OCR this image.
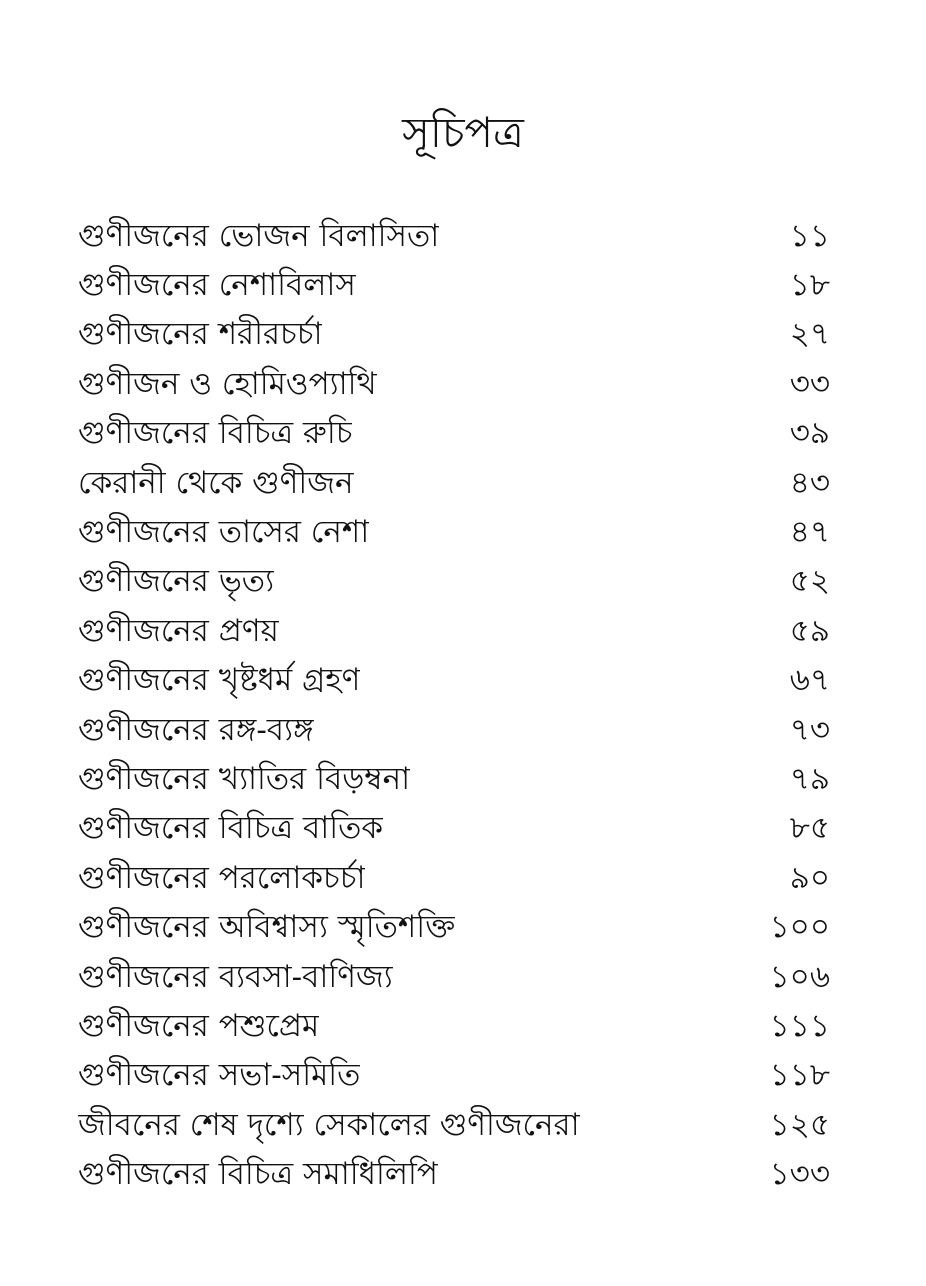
সূচিপত্র
গুণীজনের ভোজন বিলাসিতা	১১
গুণীজনের নেশাবিলাস	১৮
গুণীজনের শরীরচর্চা	২৭
গুণীজন ও হোমিওপ্যাথি	৩৩
গুণীজনের বিচিত্র রুচি	৩৯
কেরানী থেকে গুণীজন	৪৩
গুণীজনের তাসের নেশা	৪৭
গুণীজনের ভৃত্য	৫২
গুণীজনের প্রণয়	৫৯
গুণীজনের খৃষ্টধর্ম গ্রহণ	৬৭
গুণীজনের রঙ্গ-ব্যঙ্গ	৭৩
গুণীজনের খ্যাতির বিড়ম্বনা	৭৯
গুণীজনের বিচিত্র বাতিক	৮৫
গুণীজনের পরলোকচর্চা	৯০
গুণীজনের অবিশ্বাস্য স্মৃতিশক্তি	১০০
গুণীজনের ব্যবসা-বাণিজ্য	১০৬
গুণীজনের পশুপ্রেম	১১১
গুণীজনের সভা-সমিতি	১১৮
জীবনের শেষ দৃশ্যে সেকালের গুণীজনেরা	১২৫
গুণীজনের বিচিত্র সমাধিলিপি	১৩৩
